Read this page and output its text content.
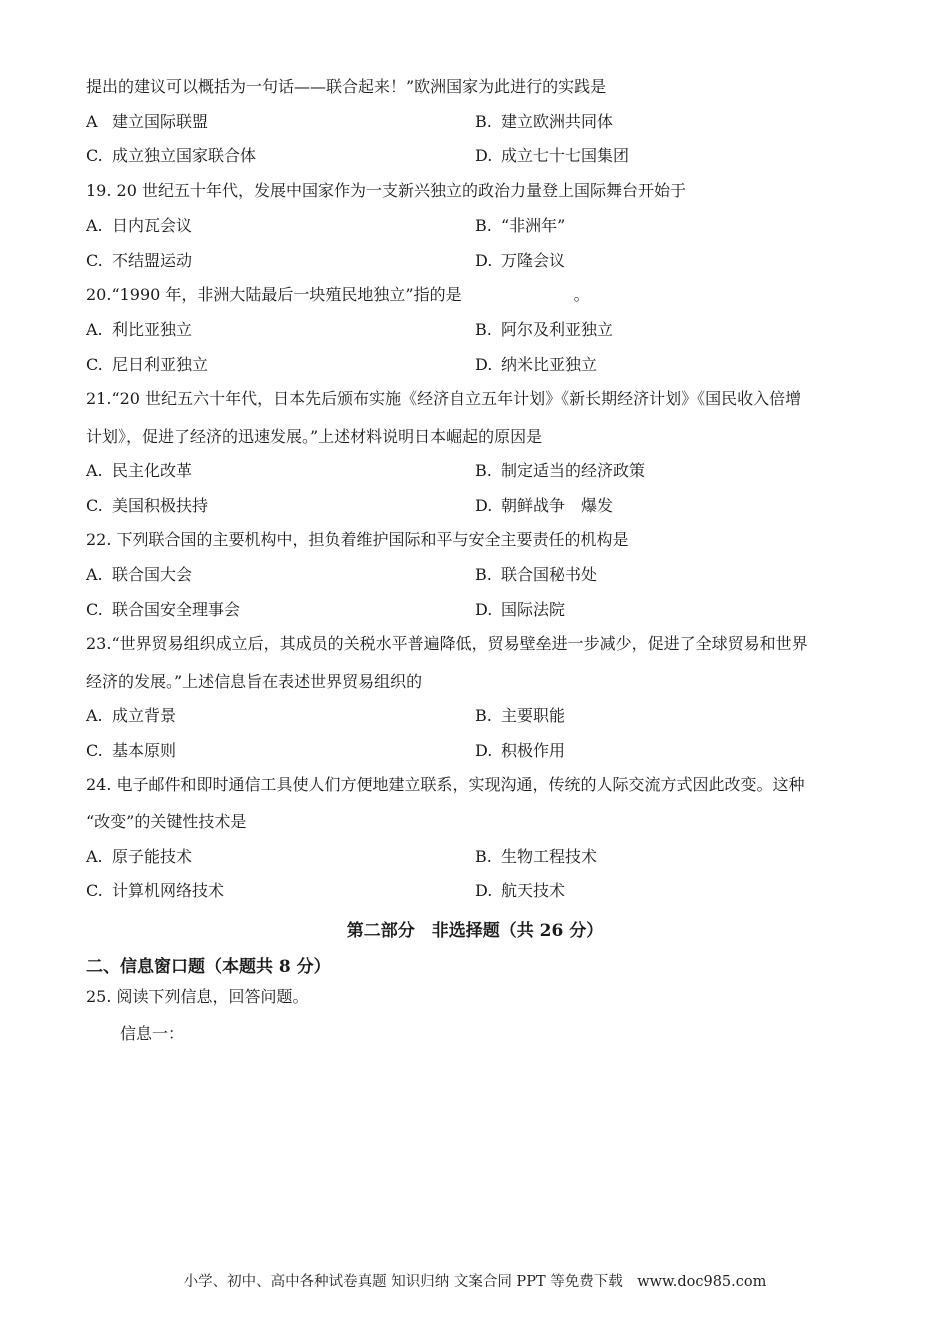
提出的建议可以概括为一句话——联合起来！”欧洲国家为此进行的实践是
A 建立国际联盟	B. 建立欧洲共同体
C. 成立独立国家联合体	D. 成立七十七国集团
19. 20 世纪五十年代，发展中国家作为一支新兴独立的政治力量登上国际舞台开始于
A. 日内瓦会议	B. “非洲年”
C. 不结盟运动	D. 万隆会议
20.“1990 年，非洲大陆最后一块殖民地独立”指的是　　　　　　　。
A. 利比亚独立	B. 阿尔及利亚独立
C. 尼日利亚独立	D. 纳米比亚独立
21.“20 世纪五六十年代，日本先后颁布实施《经济自立五年计划》《新长期经济计划》《国民收入倍增
计划》，促进了经济的迅速发展。”上述材料说明日本崛起的原因是
A. 民主化改革	B. 制定适当的经济政策
C. 美国积极扶持	D. 朝鲜战争　爆发
22. 下列联合国的主要机构中，担负着维护国际和平与安全主要责任的机构是
A. 联合国大会	B. 联合国秘书处
C. 联合国安全理事会	D. 国际法院
23.“世界贸易组织成立后，其成员的关税水平普遍降低，贸易壁垒进一步减少，促进了全球贸易和世界
经济的发展。”上述信息旨在表述世界贸易组织的
A. 成立背景	B. 主要职能
C. 基本原则	D. 积极作用
24. 电子邮件和即时通信工具使人们方便地建立联系，实现沟通，传统的人际交流方式因此改变。这种
“改变”的关键性技术是
A. 原子能技术	B. 生物工程技术
C. 计算机网络技术	D. 航天技术
第二部分　非选择题（共 26 分）
二、信息窗口题（本题共 8 分）
25. 阅读下列信息，回答问题。
信息一：
小学、初中、高中各种试卷真题 知识归纳 文案合同 PPT 等免费下载　www.doc985.com
